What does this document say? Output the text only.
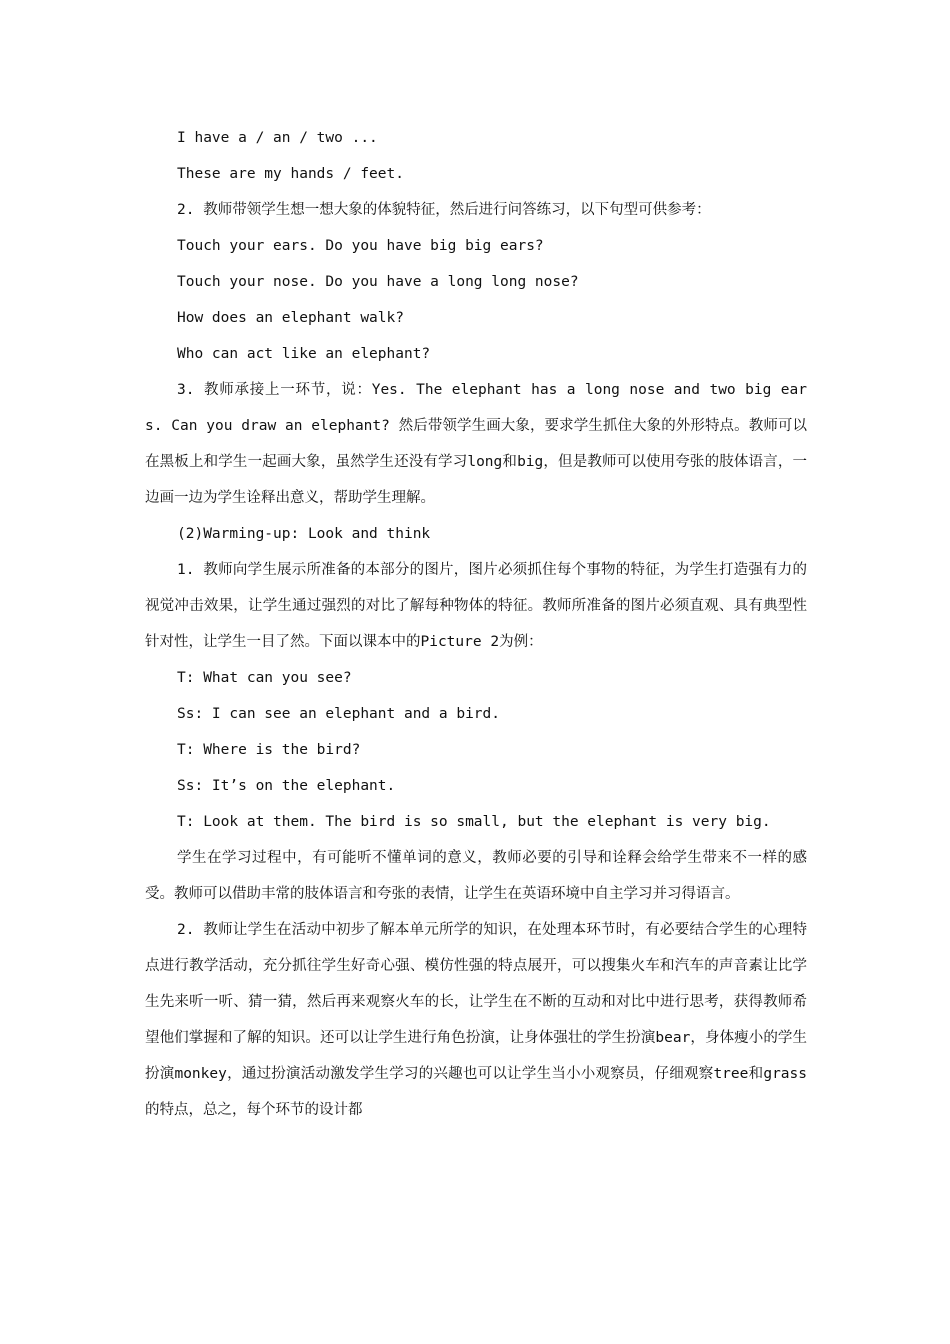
I have a / an / two ...

These are my hands / feet.

2. 教师带领学生想一想大象的体貌特征，然后进行问答练习，以下句型可供参考：

Touch your ears. Do you have big big ears?

Touch your nose. Do you have a long long nose?

How does an elephant walk?

Who can act like an elephant?

3. 教师承接上一环节，说：Yes. The elephant has a long nose and two big ears. Can you draw an elephant? 然后带领学生画大象，要求学生抓住大象的外形特点。教师可以在黑板上和学生一起画大象，虽然学生还没有学习long和big，但是教师可以使用夸张的肢体语言，一边画一边为学生诠释出意义，帮助学生理解。

(2)Warming-up: Look and think

1. 教师向学生展示所准备的本部分的图片，图片必须抓住每个事物的特征，为学生打造强有力的视觉冲击效果，让学生通过强烈的对比了解每种物体的特征。教师所准备的图片必须直观、具有典型性针对性，让学生一目了然。下面以课本中的Picture 2为例：

T: What can you see?

Ss: I can see an elephant and a bird.

T: Where is the bird?

Ss: It’s on the elephant.

T: Look at them. The bird is so small, but the elephant is very big.

学生在学习过程中，有可能听不懂单词的意义，教师必要的引导和诠释会给学生带来不一样的感受。教师可以借助丰常的肢体语言和夸张的表情，让学生在英语环境中自主学习并习得语言。

2. 教师让学生在活动中初步了解本单元所学的知识，在处理本环节时，有必要结合学生的心理特点进行教学活动，充分抓往学生好奇心强、模仿性强的特点展开，可以搜集火车和汽车的声音素让比学生先来听一听、猜一猜，然后再来观察火车的长，让学生在不断的互动和对比中进行思考，获得教师希望他们掌握和了解的知识。还可以让学生进行角色扮演，让身体强壮的学生扮演bear，身体瘦小的学生扮演monkey，通过扮演活动激发学生学习的兴趣也可以让学生当小小观察员，仔细观察tree和grass的特点，总之，每个环节的设计都
